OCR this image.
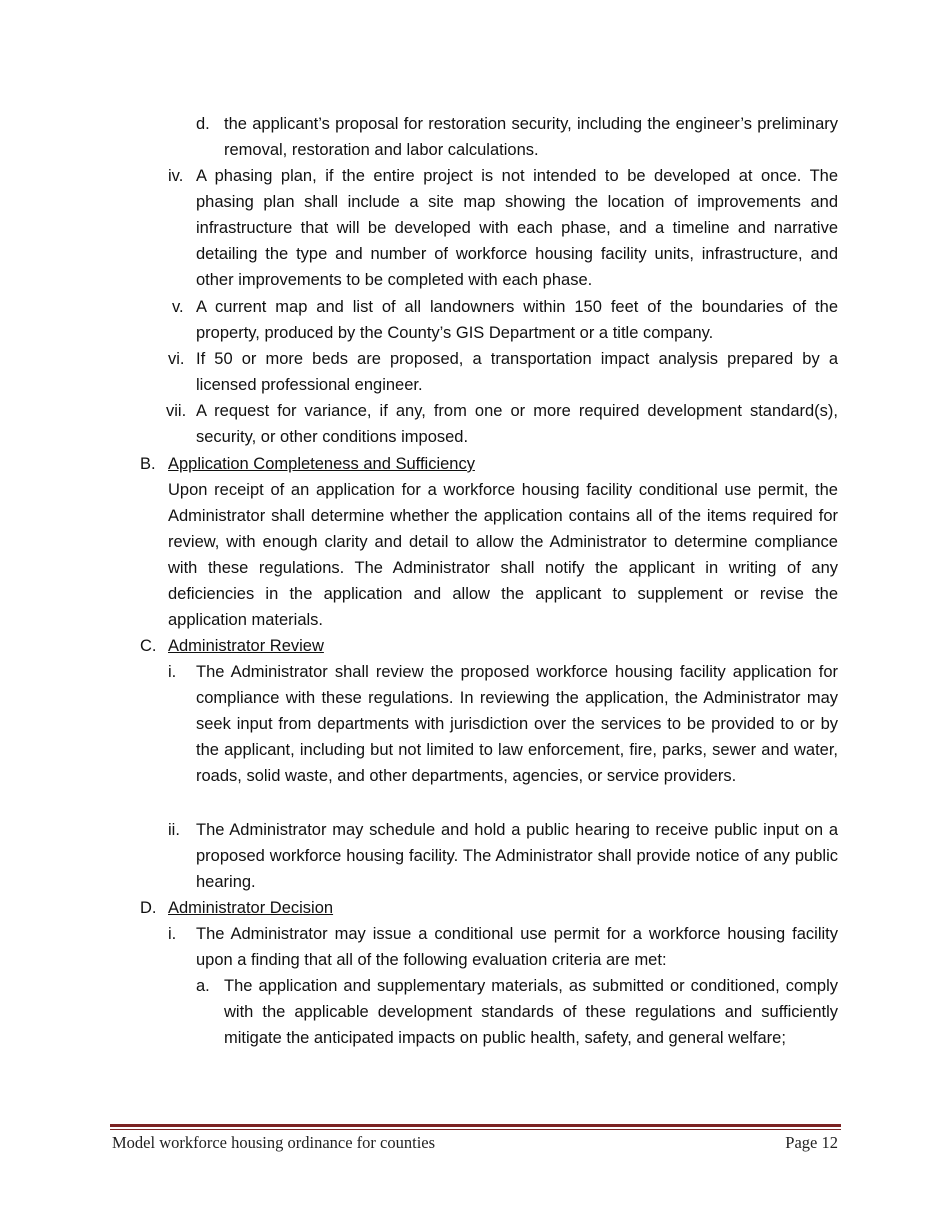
d. the applicant’s proposal for restoration security, including the engineer’s preliminary removal, restoration and labor calculations.
iv. A phasing plan, if the entire project is not intended to be developed at once. The phasing plan shall include a site map showing the location of improvements and infrastructure that will be developed with each phase, and a timeline and narrative detailing the type and number of workforce housing facility units, infrastructure, and other improvements to be completed with each phase.
v. A current map and list of all landowners within 150 feet of the boundaries of the property, produced by the County’s GIS Department or a title company.
vi. If 50 or more beds are proposed, a transportation impact analysis prepared by a licensed professional engineer.
vii. A request for variance, if any, from one or more required development standard(s), security, or other conditions imposed.
B. Application Completeness and Sufficiency
Upon receipt of an application for a workforce housing facility conditional use permit, the Administrator shall determine whether the application contains all of the items required for review, with enough clarity and detail to allow the Administrator to determine compliance with these regulations. The Administrator shall notify the applicant in writing of any deficiencies in the application and allow the applicant to supplement or revise the application materials.
C. Administrator Review
i. The Administrator shall review the proposed workforce housing facility application for compliance with these regulations. In reviewing the application, the Administrator may seek input from departments with jurisdiction over the services to be provided to or by the applicant, including but not limited to law enforcement, fire, parks, sewer and water, roads, solid waste, and other departments, agencies, or service providers.
ii. The Administrator may schedule and hold a public hearing to receive public input on a proposed workforce housing facility. The Administrator shall provide notice of any public hearing.
D. Administrator Decision
i. The Administrator may issue a conditional use permit for a workforce housing facility upon a finding that all of the following evaluation criteria are met:
a. The application and supplementary materials, as submitted or conditioned, comply with the applicable development standards of these regulations and sufficiently mitigate the anticipated impacts on public health, safety, and general welfare;
Model workforce housing ordinance for counties	Page 12
